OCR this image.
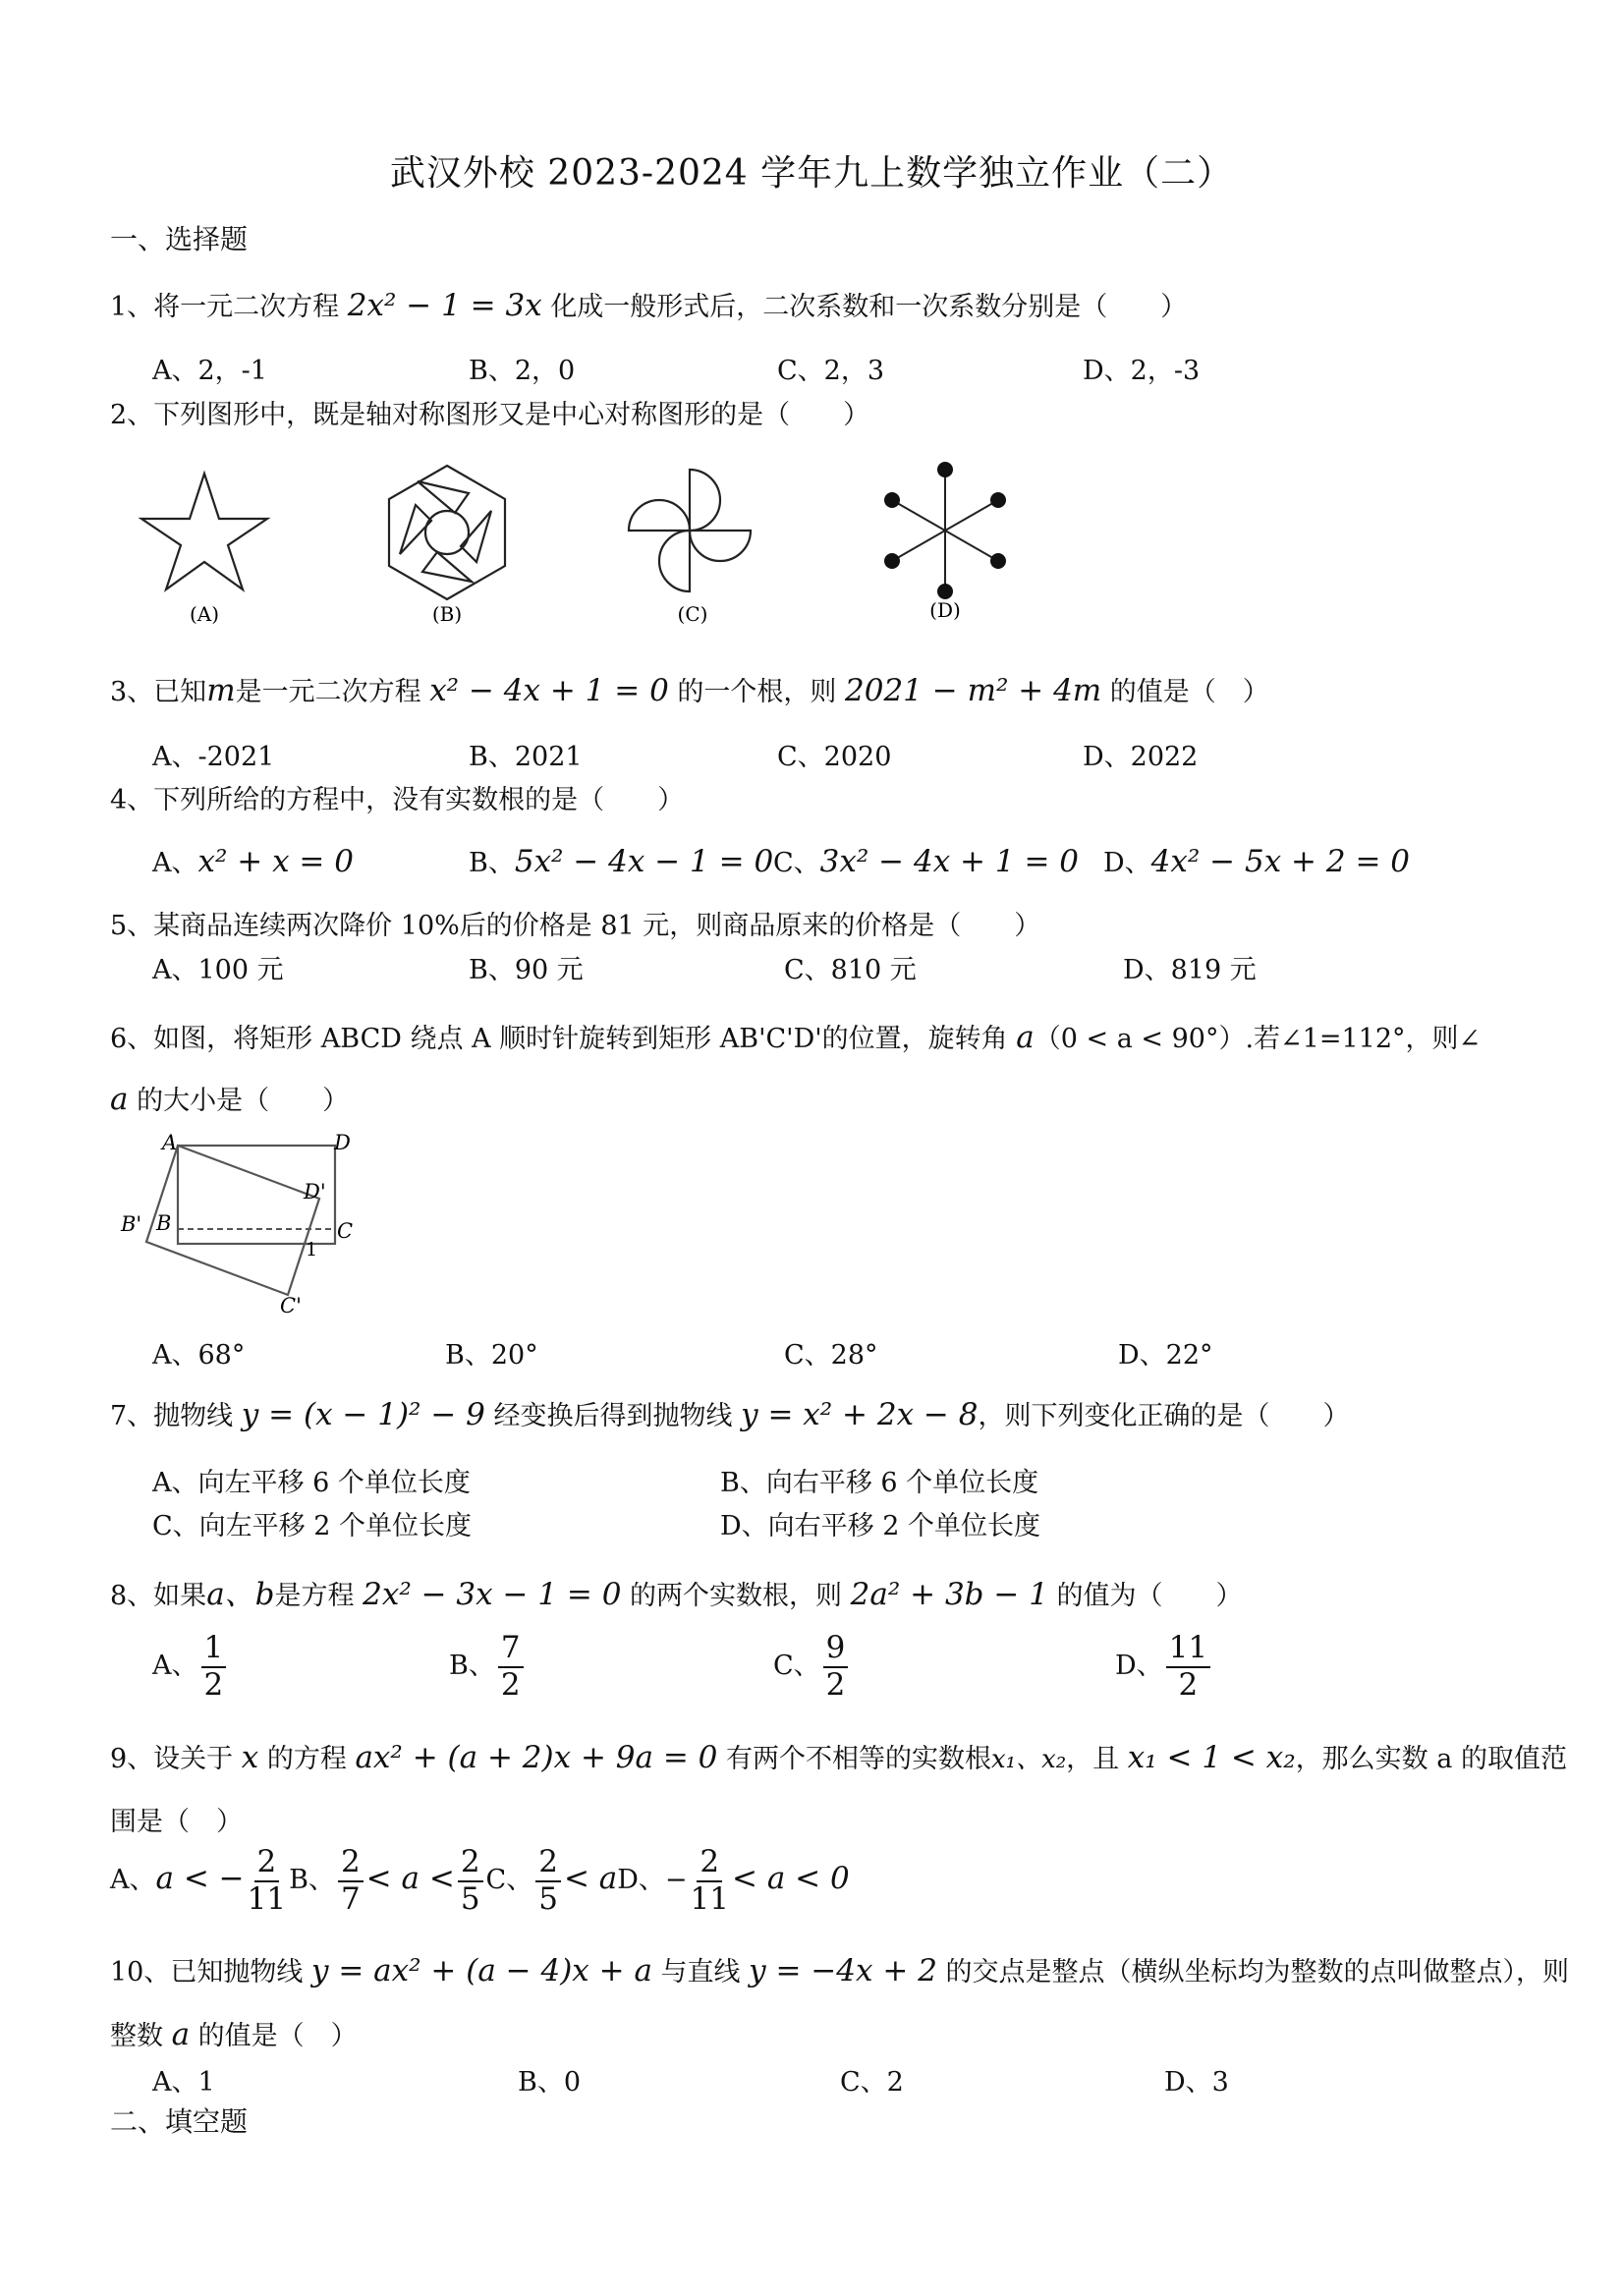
武汉外校 2023-2024 学年九上数学独立作业（二）
一、选择题
1、将一元二次方程 2x² − 1 = 3x 化成一般形式后，二次系数和一次系数分别是（　　）
A、2，-1	B、2，0	C、2，3	D、2，-3
2、下列图形中，既是轴对称图形又是中心对称图形的是（　　）
(A)	(B)	(C)	(D)
3、已知m是一元二次方程 x² − 4x + 1 = 0 的一个根，则 2021 − m² + 4m 的值是（　）
A、-2021	B、2021	C、2020	D、2022
4、下列所给的方程中，没有实数根的是（　　）
A、x² + x = 0	B、5x² − 4x − 1 = 0 C、3x² − 4x + 1 = 0 D、4x² − 5x + 2 = 0
5、某商品连续两次降价 10%后的价格是 81 元，则商品原来的价格是（　　）
A、100 元	B、90 元	C、810 元	D、819 元
6、如图，将矩形 ABCD 绕点 A 顺时针旋转到矩形 AB'C'D'的位置，旋转角 a（0 < a < 90°）.若∠1=112°，则∠
a 的大小是（　　）
A	D
D'
B' B	C
1
C'
A、68°	B、20°	C、28°	D、22°
7、抛物线 y = (x − 1)² − 9 经变换后得到抛物线 y = x² + 2x − 8，则下列变化正确的是（　　）
A、向左平移 6 个单位长度	B、向右平移 6 个单位长度
C、向左平移 2 个单位长度	D、向右平移 2 个单位长度
8、如果a、b是方程 2x² − 3x − 1 = 0 的两个实数根，则 2a² + 3b − 1 的值为（　　）
A、 $\frac{1}{2}$	B、 $\frac{7}{2}$	C、 $\frac{9}{2}$	D、 $\frac{11}{2}$
9、设关于 x 的方程 ax² + (a + 2)x + 9a = 0 有两个不相等的实数根x₁、x₂，且 x₁ < 1 < x₂，那么实数 a 的取值范
围是（　）
A、a < − $\frac{2}{11}$ B、 $\frac{2}{7} < a < \frac{2}{5}$ C、 $\frac{2}{5}$ < aD、− $\frac{2}{11} < a < 0$
10、已知抛物线 y = ax² + (a − 4)x + a 与直线 y = −4x + 2 的交点是整点（横纵坐标均为整数的点叫做整点），则
整数 a 的值是（　）
A、1	B、0	C、2	D、3
二、填空题
